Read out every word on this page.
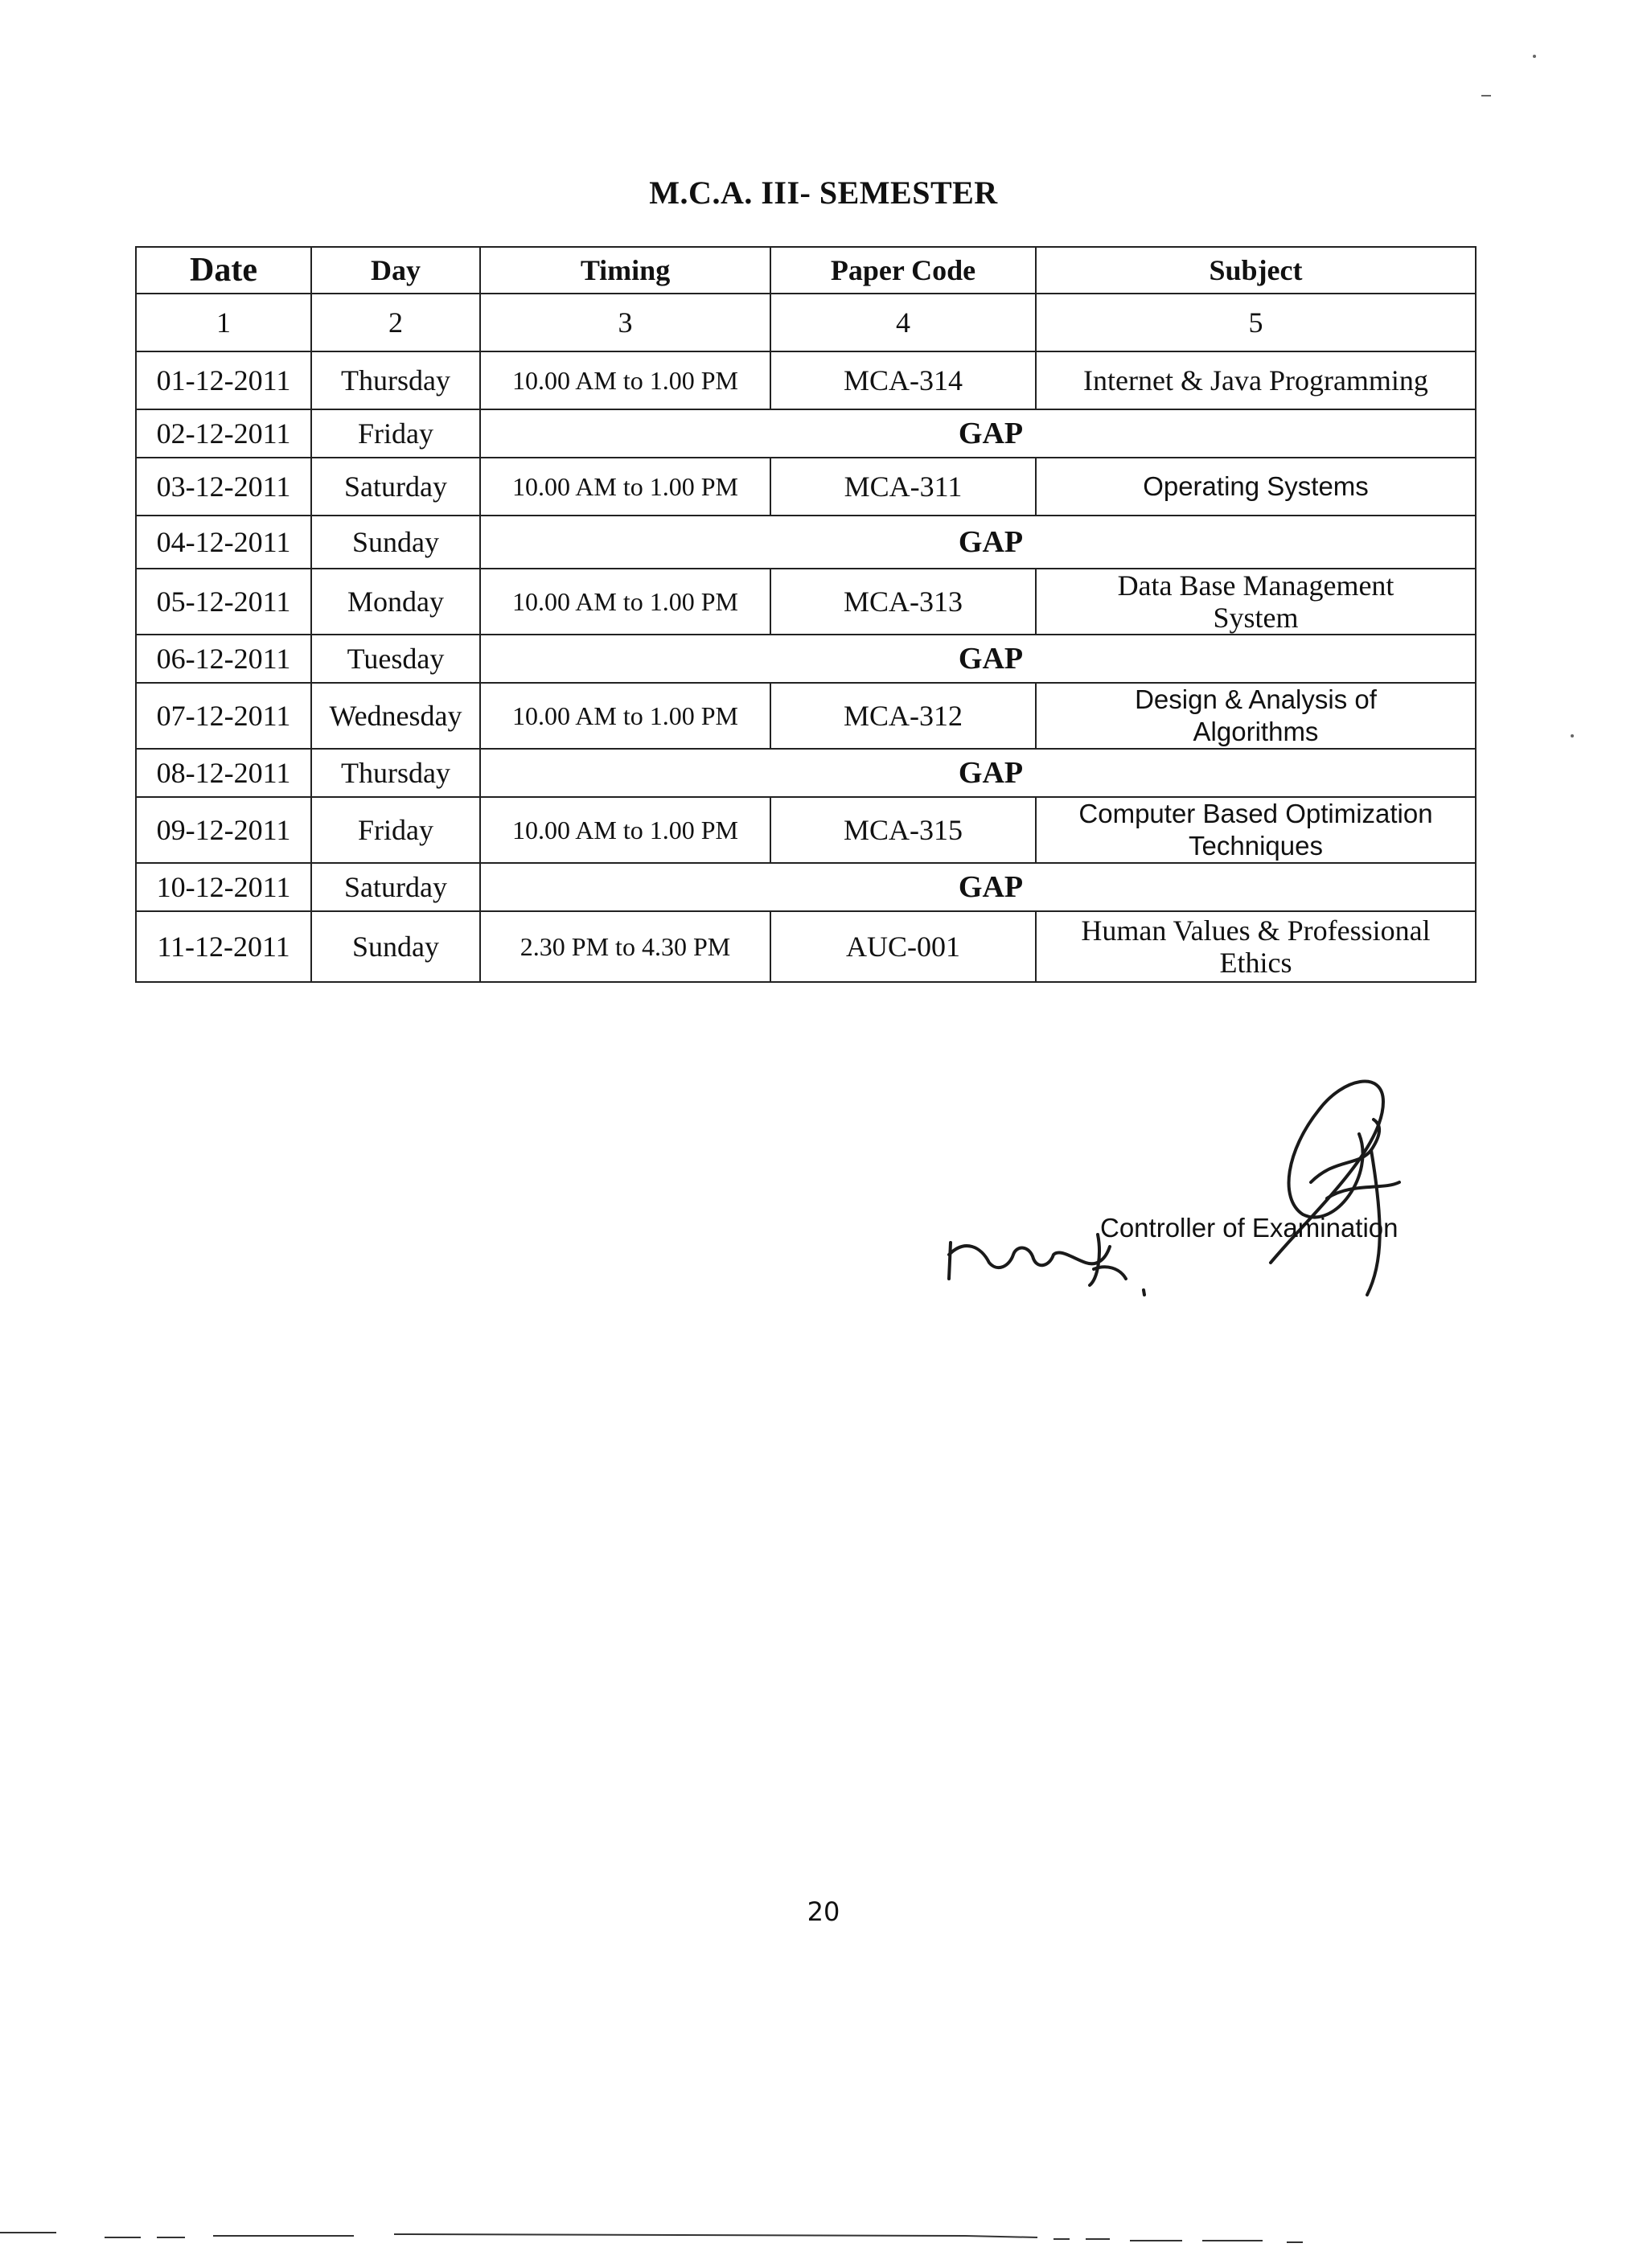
M.C.A. III- SEMESTER
Date	Day	Timing	Paper Code	Subject
1	2	3	4	5
01-12-2011	Thursday	10.00 AM to 1.00 PM	MCA-314	Internet & Java Programming
02-12-2011	Friday	GAP		
03-12-2011	Saturday	10.00 AM to 1.00 PM	MCA-311	Operating Systems
04-12-2011	Sunday	GAP		
05-12-2011	Monday	10.00 AM to 1.00 PM	MCA-313	Data Base Management
System

06-12-2011	Tuesday	GAP		
07-12-2011	Wednesday	10.00 AM to 1.00 PM	MCA-312	Design & Analysis of
Algorithms

08-12-2011	Thursday	GAP		
09-12-2011	Friday	10.00 AM to 1.00 PM	MCA-315	Computer Based Optimization
Techniques

10-12-2011	Saturday	GAP		
11-12-2011	Sunday	2.30 PM to 4.30 PM	AUC-001	Human Values & Professional
Ethics
Controller of Examination
20
